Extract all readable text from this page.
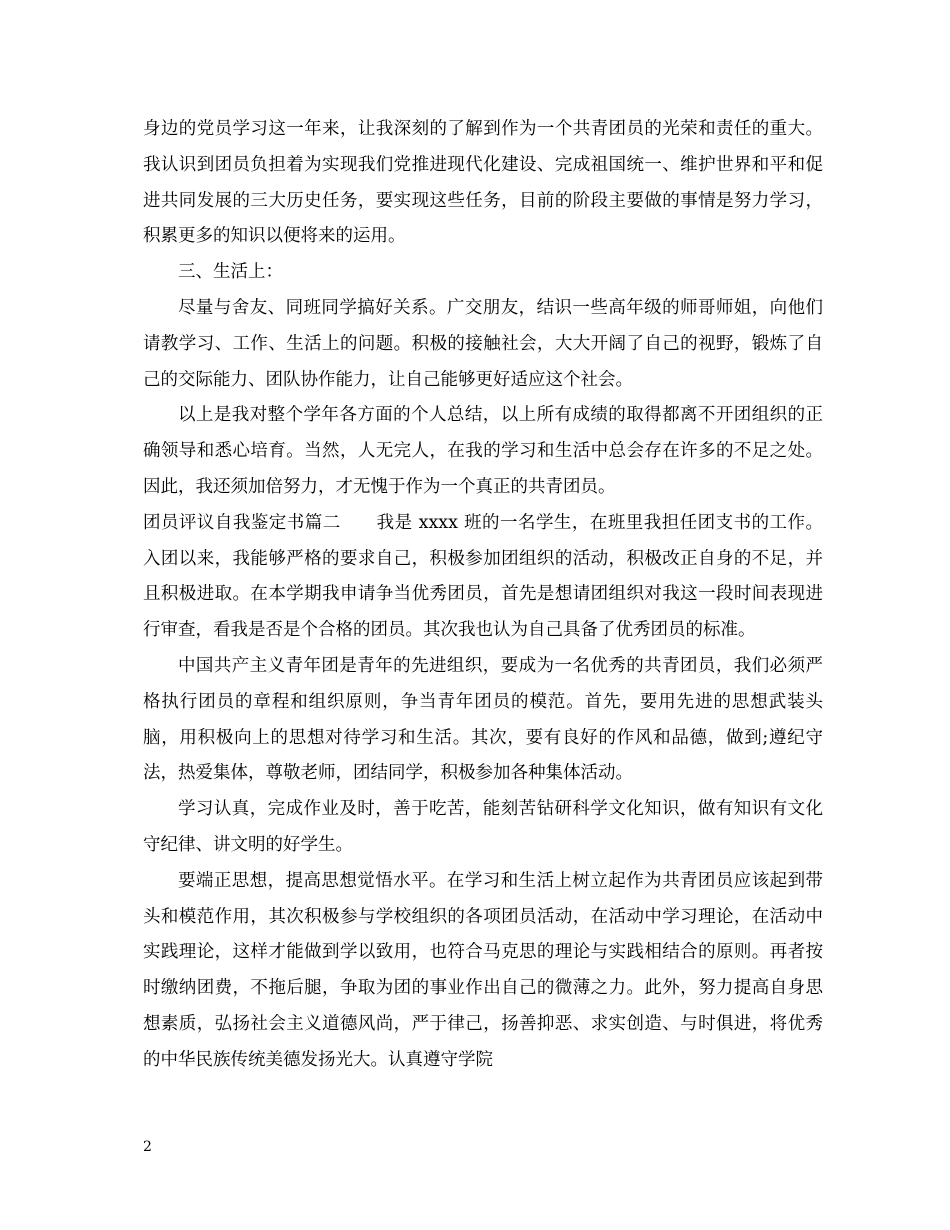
身边的党员学习这一年来，让我深刻的了解到作为一个共青团员的光荣和责任的重大。我认识到团员负担着为实现我们党推进现代化建设、完成祖国统一、维护世界和平和促进共同发展的三大历史任务，要实现这些任务，目前的阶段主要做的事情是努力学习，积累更多的知识以便将来的运用。

三、生活上：

尽量与舍友、同班同学搞好关系。广交朋友，结识一些高年级的师哥师姐，向他们请教学习、工作、生活上的问题。积极的接触社会，大大开阔了自己的视野，锻炼了自己的交际能力、团队协作能力，让自己能够更好适应这个社会。

以上是我对整个学年各方面的个人总结，以上所有成绩的取得都离不开团组织的正确领导和悉心培育。当然，人无完人，在我的学习和生活中总会存在许多的不足之处。因此，我还须加倍努力，才无愧于作为一个真正的共青团员。

团员评议自我鉴定书篇二　　我是 xxxx 班的一名学生，在班里我担任团支书的工作。入团以来，我能够严格的要求自己，积极参加团组织的活动，积极改正自身的不足，并且积极进取。在本学期我申请争当优秀团员，首先是想请团组织对我这一段时间表现进行审查，看我是否是个合格的团员。其次我也认为自己具备了优秀团员的标准。

中国共产主义青年团是青年的先进组织，要成为一名优秀的共青团员，我们必须严格执行团员的章程和组织原则，争当青年团员的模范。首先，要用先进的思想武装头脑，用积极向上的思想对待学习和生活。其次，要有良好的作风和品德，做到;遵纪守法，热爱集体，尊敬老师，团结同学，积极参加各种集体活动。

学习认真，完成作业及时，善于吃苦，能刻苦钻研科学文化知识，做有知识有文化守纪律、讲文明的好学生。

要端正思想，提高思想觉悟水平。在学习和生活上树立起作为共青团员应该起到带头和模范作用，其次积极参与学校组织的各项团员活动，在活动中学习理论，在活动中实践理论，这样才能做到学以致用，也符合马克思的理论与实践相结合的原则。再者按时缴纳团费，不拖后腿，争取为团的事业作出自己的微薄之力。此外，努力提高自身思想素质，弘扬社会主义道德风尚，严于律己，扬善抑恶、求实创造、与时俱进，将优秀的中华民族传统美德发扬光大。认真遵守学院

2
